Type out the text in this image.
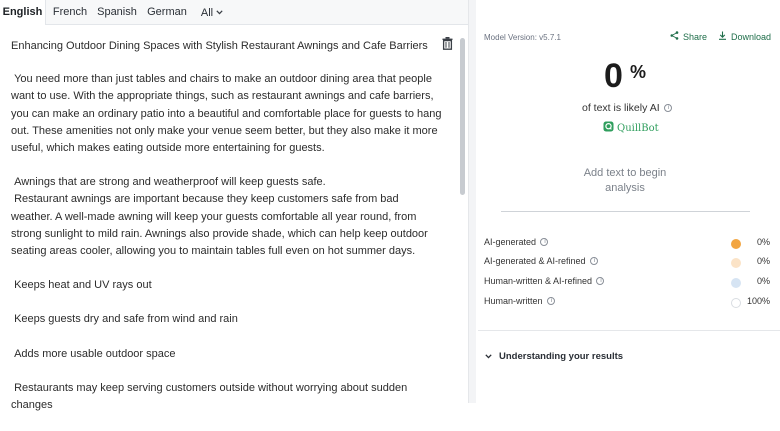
English French Spanish German	All

Enhancing Outdoor Dining Spaces with Stylish Restaurant Awnings and Cafe Barriers

You need more than just tables and chairs to make an outdoor dining area that people want to use. With the appropriate things, such as restaurant awnings and cafe barriers, you can make an ordinary patio into a beautiful and comfortable place for guests to hang out. These amenities not only make your venue seem better, but they also make it more useful, which makes eating outside more entertaining for guests.

Awnings that are strong and weatherproof will keep guests safe.

Restaurant awnings are important because they keep customers safe from bad weather. A well-made awning will keep your guests comfortable all year round, from strong sunlight to mild rain. Awnings also provide shade, which can help keep outdoor seating areas cooler, allowing you to maintain tables full even on hot summer days.

Keeps heat and UV rays out

Keeps guests dry and safe from wind and rain

Adds more usable outdoor space

Restaurants may keep serving customers outside without worrying about sudden changes

Model Version: v5.7.1	Share	Download
0 %
of text is likely AI
i
QuillBot
Add text to begin analysis
AI-generated i	0%
AI-generated & AI-refined i	0%
Human-written & AI-refined i	0%
Human-written i	100%
Understanding your results
